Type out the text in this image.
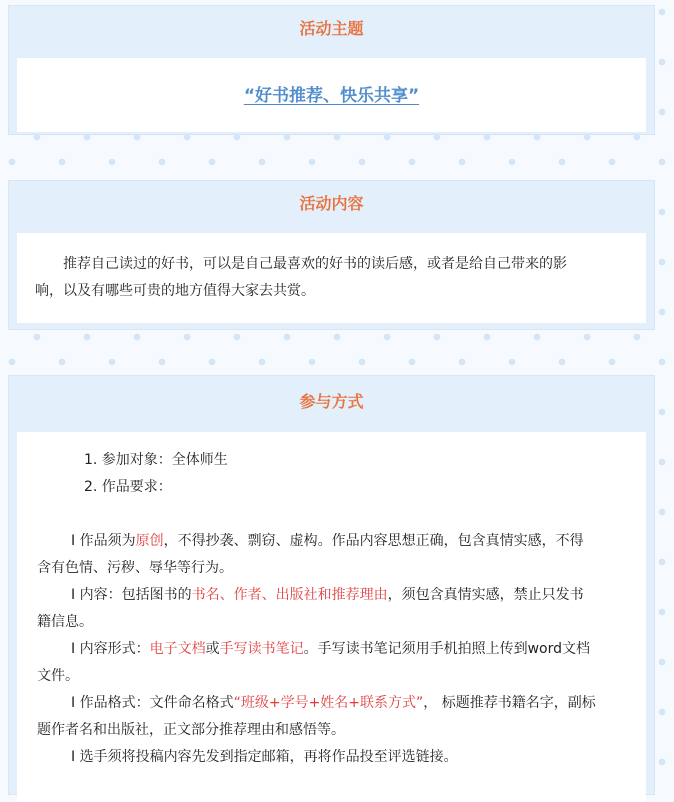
活动主题
“好书推荐、快乐共享”
活动内容
推荐自己读过的好书，可以是自己最喜欢的好书的读后感，或者是给自己带来的影
响，以及有哪些可贵的地方值得大家去共赏。
参与方式
1. 参加对象：全体师生
2. 作品要求：
I 作品须为原创，不得抄袭、剽窃、虚构。作品内容思想正确，包含真情实感，不得
含有色情、污秽、辱华等行为。
I 内容：包括图书的书名、作者、出版社和推荐理由，须包含真情实感，禁止只发书
籍信息。
I 内容形式：电子文档或手写读书笔记。手写读书笔记须用手机拍照上传到word文档
文件。
I 作品格式：文件命名格式“班级+学号+姓名+联系方式”， 标题推荐书籍名字，副标
题作者名和出版社，正文部分推荐理由和感悟等。
I 选手须将投稿内容先发到指定邮箱，再将作品投至评选链接。
